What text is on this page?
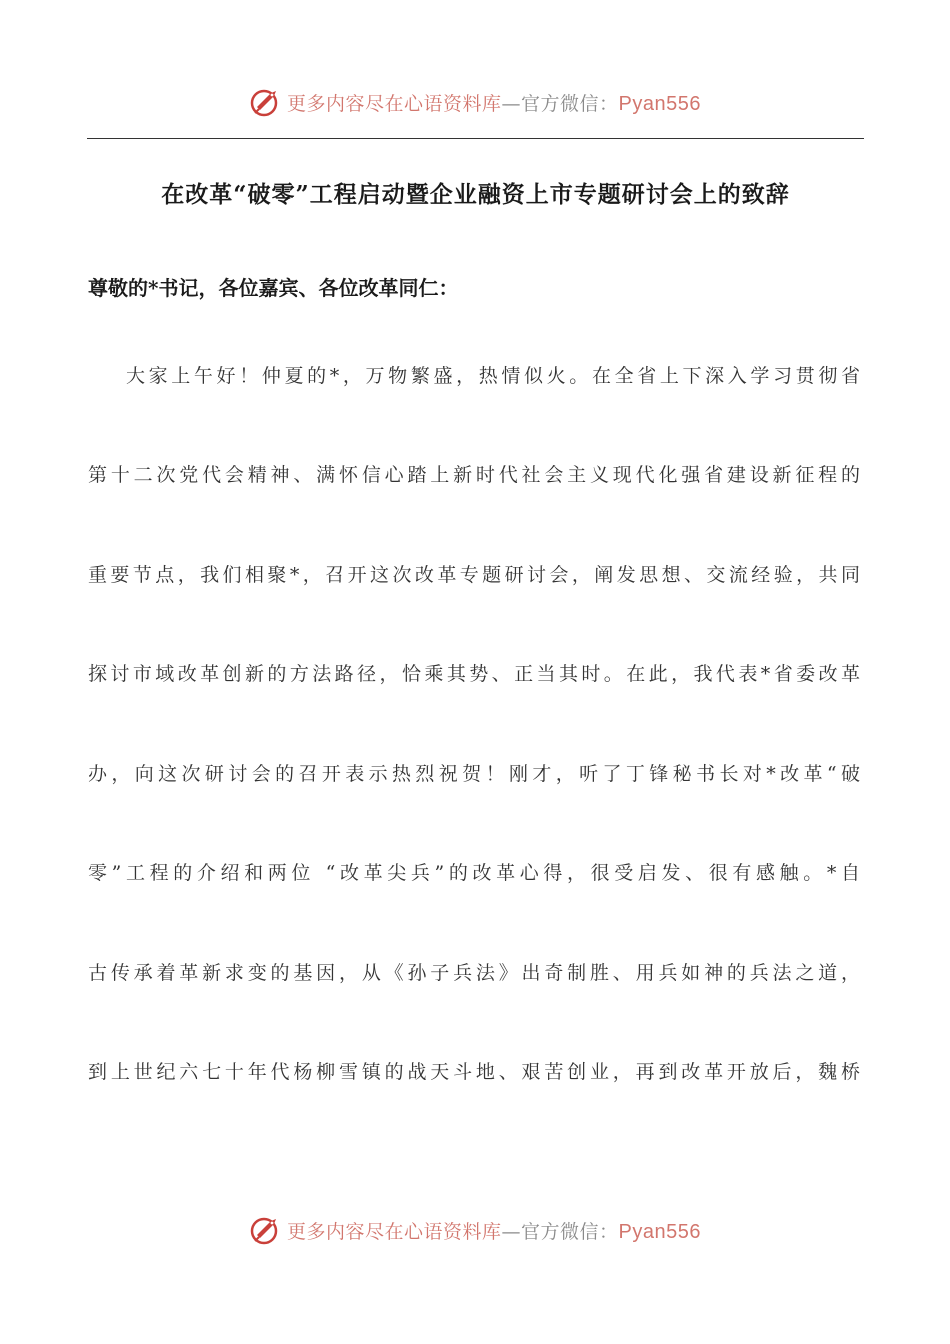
更多内容尽在心语资料库—官方微信：Pyan556
在改革“破零”工程启动暨企业融资上市专题研讨会上的致辞

尊敬的*书记，各位嘉宾、各位改革同仁：

大家上午好！仲夏的*，万物繁盛，热情似火。在全省上下深入学习贯彻省

第十二次党代会精神、满怀信心踏上新时代社会主义现代化强省建设新征程的

重要节点，我们相聚*，召开这次改革专题研讨会，阐发思想、交流经验，共同

探讨市域改革创新的方法路径，恰乘其势、正当其时。在此，我代表*省委改革

办，向这次研讨会的召开表示热烈祝贺！刚才，听了丁锋秘书长对*改革“破

零”工程的介绍和两位 “改革尖兵”的改革心得，很受启发、很有感触。*自

古传承着革新求变的基因，从《孙子兵法》出奇制胜、用兵如神的兵法之道，

到上世纪六七十年代杨柳雪镇的战天斗地、艰苦创业，再到改革开放后，魏桥

更多内容尽在心语资料库—官方微信：Pyan556
